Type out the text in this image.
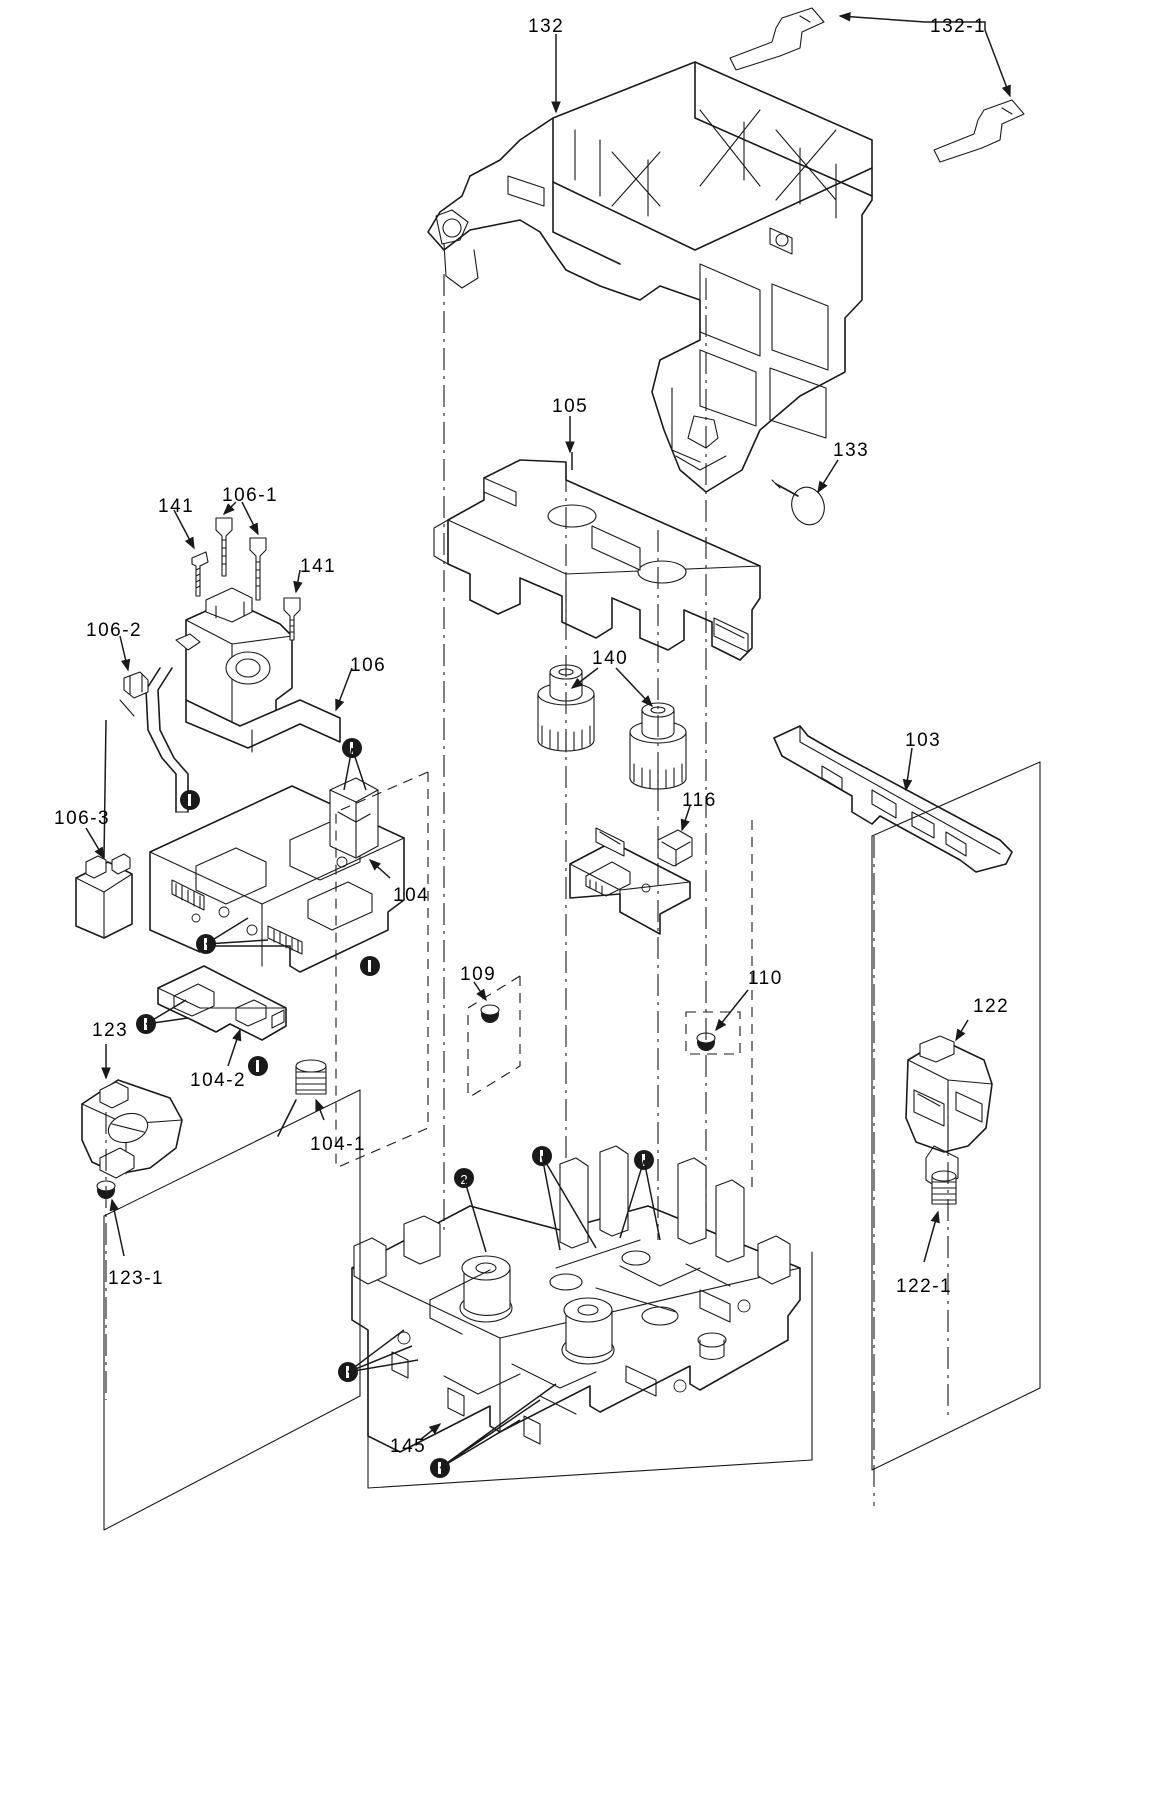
2
132	132-1
105
133
141
106-1
141
106-2
106	140
103
106-3
116
104
109	110
122
123
104-2
104-1
123-1	122-1
145
